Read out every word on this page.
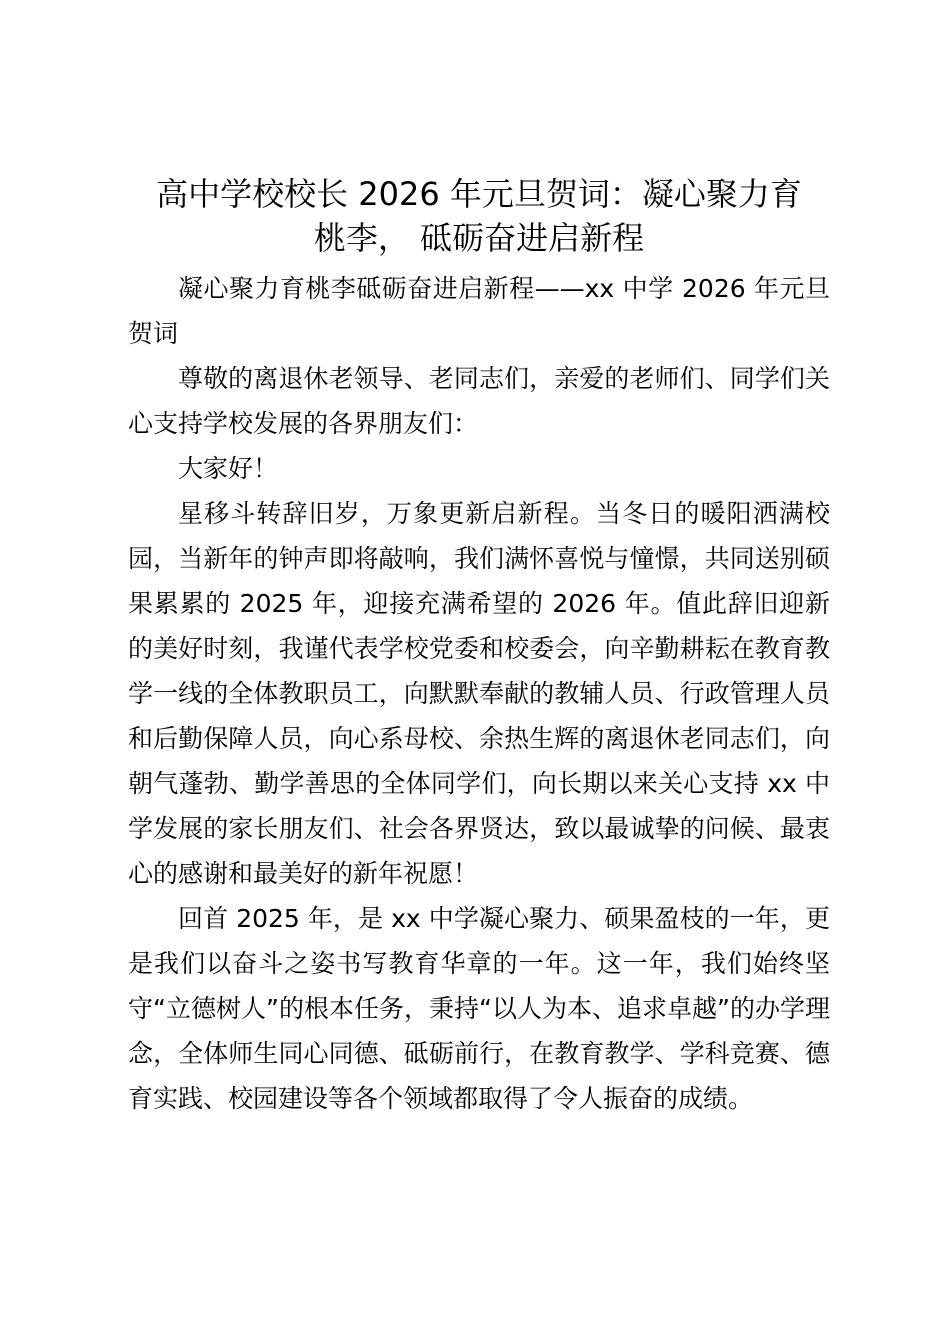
高中学校校长 2026 年元旦贺词：凝心聚力育
桃李， 砥砺奋进启新程

凝心聚力育桃李砥砺奋进启新程——xx 中学 2026 年元旦贺词

尊敬的离退休老领导、老同志们，亲爱的老师们、同学们关心支持学校发展的各界朋友们：

大家好！

星移斗转辞旧岁，万象更新启新程。当冬日的暖阳洒满校园，当新年的钟声即将敲响，我们满怀喜悦与憧憬，共同送别硕果累累的 2025 年，迎接充满希望的 2026 年。值此辞旧迎新的美好时刻，我谨代表学校党委和校委会，向辛勤耕耘在教育教学一线的全体教职员工，向默默奉献的教辅人员、行政管理人员和后勤保障人员，向心系母校、余热生辉的离退休老同志们，向朝气蓬勃、勤学善思的全体同学们，向长期以来关心支持 xx 中学发展的家长朋友们、社会各界贤达，致以最诚挚的问候、最衷心的感谢和最美好的新年祝愿！

回首 2025 年，是 xx 中学凝心聚力、硕果盈枝的一年，更是我们以奋斗之姿书写教育华章的一年。这一年，我们始终坚守“立德树人”的根本任务，秉持“以人为本、追求卓越”的办学理念，全体师生同心同德、砥砺前行，在教育教学、学科竞赛、德育实践、校园建设等各个领域都取得了令人振奋的成绩。
